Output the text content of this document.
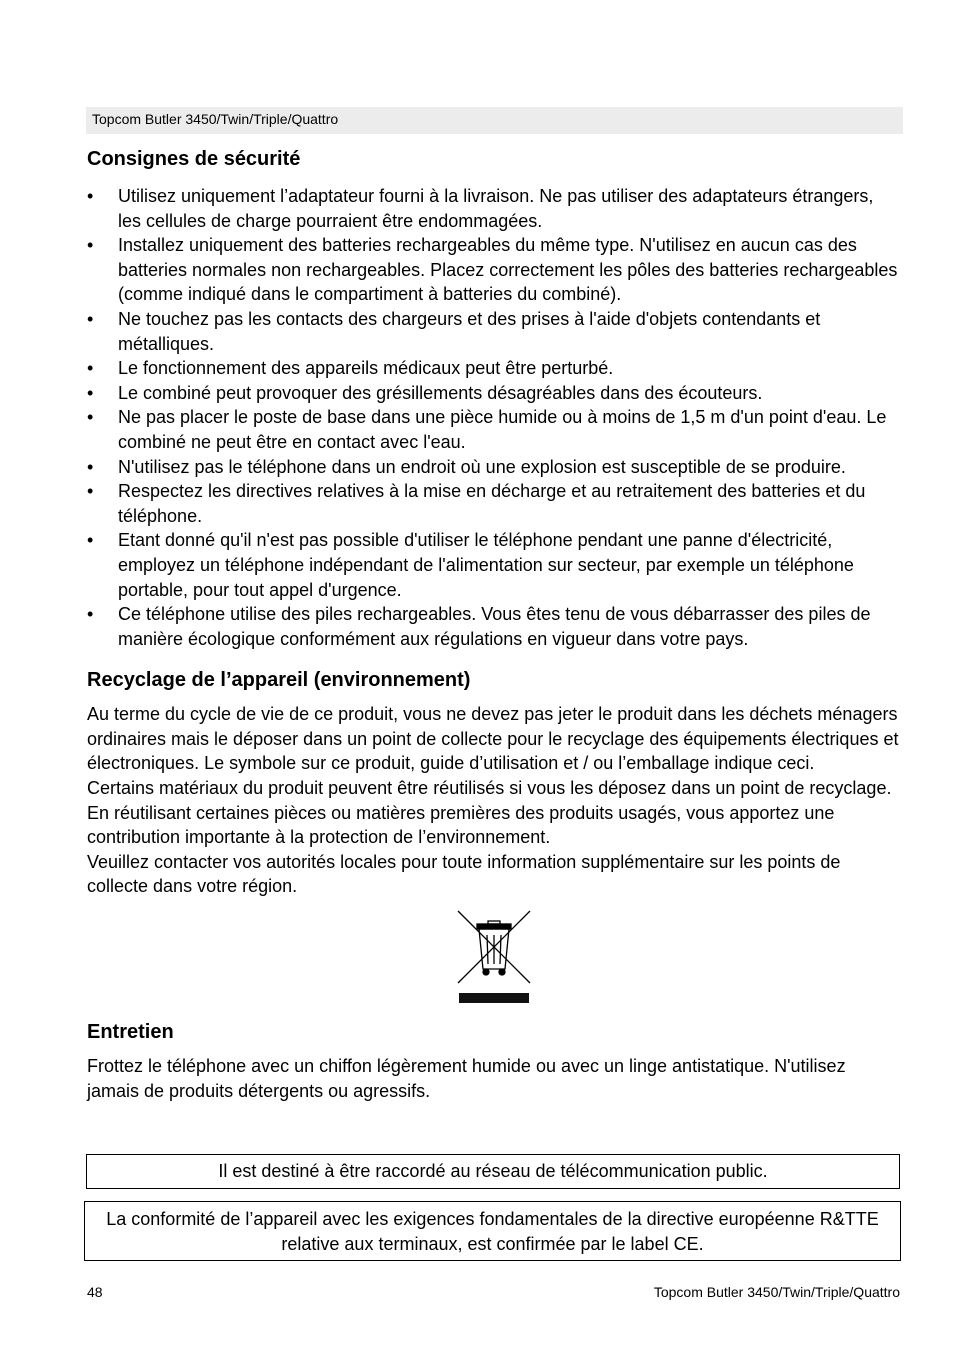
Topcom Butler 3450/Twin/Triple/Quattro
Consignes de sécurité
• Utilisez uniquement l’adaptateur fourni à la livraison. Ne pas utiliser des adaptateurs étrangers, les cellules de charge pourraient être endommagées.
• Installez uniquement des batteries rechargeables du même type. N'utilisez en aucun cas des batteries normales non rechargeables. Placez correctement les pôles des batteries rechargeables (comme indiqué dans le compartiment à batteries du combiné).
• Ne touchez pas les contacts des chargeurs et des prises à l'aide d'objets contendants et métalliques.
• Le fonctionnement des appareils médicaux peut être perturbé.
• Le combiné peut provoquer des grésillements désagréables dans des écouteurs.
• Ne pas placer le poste de base dans une pièce humide ou à moins de 1,5 m d'un point d'eau. Le combiné ne peut être en contact avec l'eau.
• N'utilisez pas le téléphone dans un endroit où une explosion est susceptible de se produire.
• Respectez les directives relatives à la mise en décharge et au retraitement des batteries et du téléphone.
• Etant donné qu'il n'est pas possible d'utiliser le téléphone pendant une panne d'électricité, employez un téléphone indépendant de l'alimentation sur secteur, par exemple un téléphone portable, pour tout appel d'urgence.
• Ce téléphone utilise des piles rechargeables. Vous êtes tenu de vous débarrasser des piles de manière écologique conformément aux régulations en vigueur dans votre pays.
Recyclage de l’appareil (environnement)

Au terme du cycle de vie de ce produit, vous ne devez pas jeter le produit dans les déchets ménagers ordinaires mais le déposer dans un point de collecte pour le recyclage des équipements électriques et électroniques. Le symbole sur ce produit, guide d’utilisation et / ou l’emballage indique ceci.

Certains matériaux du produit peuvent être réutilisés si vous les déposez dans un point de recyclage. En réutilisant certaines pièces ou matières premières des produits usagés, vous apportez une contribution importante à la protection de l’environnement.

Veuillez contacter vos autorités locales pour toute information supplémentaire sur les points de collecte dans votre région.

Entretien

Frottez le téléphone avec un chiffon légèrement humide ou avec un linge antistatique. N'utilisez jamais de produits détergents ou agressifs.

Il est destiné à être raccordé au réseau de télécommunication public.
La conformité de l’appareil avec les exigences fondamentales de la directive européenne R&TTE relative aux terminaux, est confirmée par le label CE.
48	Topcom Butler 3450/Twin/Triple/Quattro
